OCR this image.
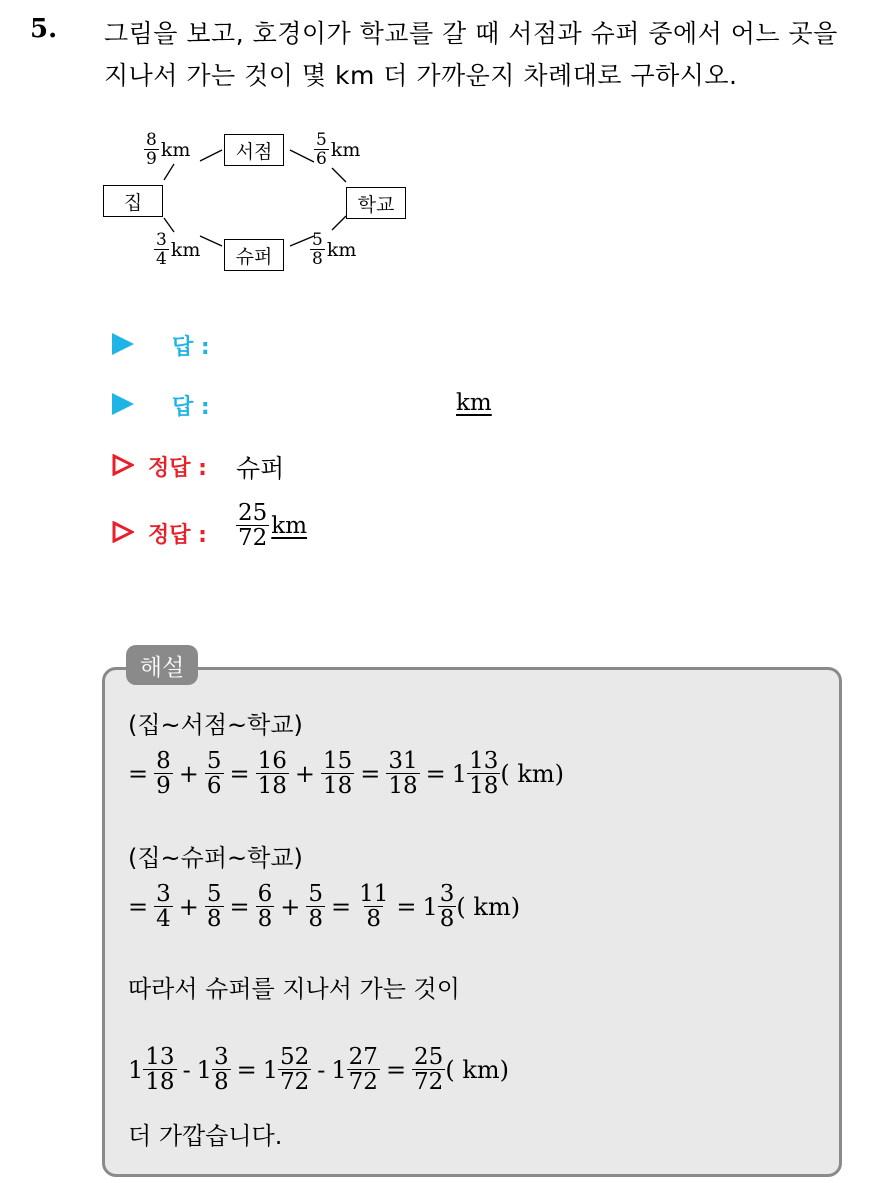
5. 그림을 보고, 호경이가 학교를 갈 때 서점과 슈퍼 중에서 어느 곳을
지나서 가는 것이 몇 km 더 가까운지 차례대로 구하시오.
집
서점
학교
슈퍼
$\frac{8}{9}$ km	$\frac{5}{6}$ km
$\frac{3}{4}$ km	$\frac{5}{8}$ km
답 :
답 :	km
정답 : 슈퍼
정답 : $\frac{25}{72}$ km
해설
(집~서점~학교)
= $\frac{8}{9} + \frac{5}{6} = \frac{16}{18} + \frac{15}{18} = \frac{31}{18} = 1 \frac{13}{18}$ ( km)
(집~슈퍼~학교)
= $\frac{3}{4} + \frac{5}{8} = \frac{6}{8} + \frac{5}{8} = \frac{11}{8} = 1 \frac{3}{8}$ ( km)
따라서 슈퍼를 지나서 가는 것이
$1 \frac{13}{18} - 1 \frac{3}{8} = 1 \frac{52}{72} - 1 \frac{27}{72} = \frac{25}{72}$ ( km)
더 가깝습니다.
